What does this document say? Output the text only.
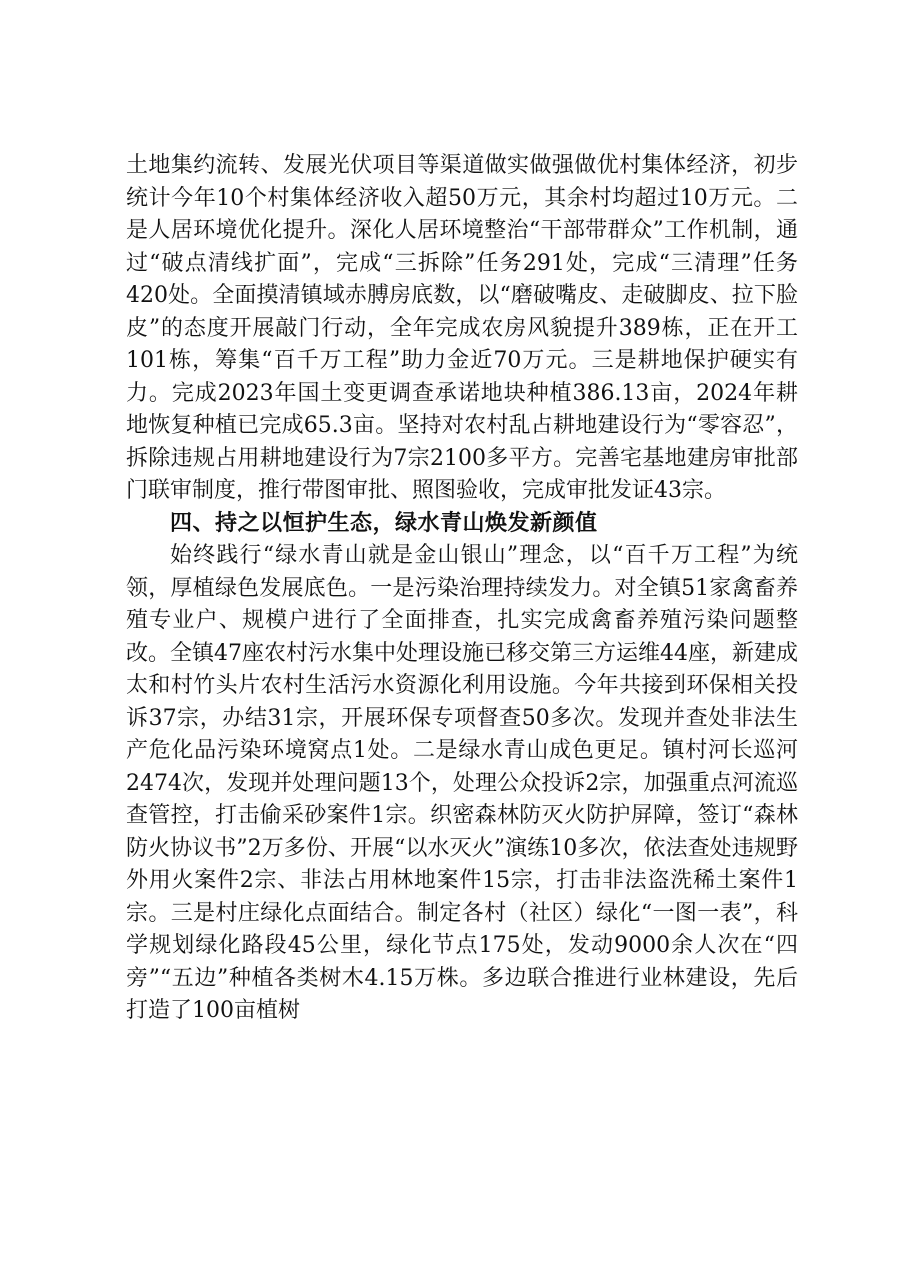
土地集约流转、发展光伏项目等渠道做实做强做优村集体经济，初步统计今年10个村集体经济收入超50万元，其余村均超过10万元。二是人居环境优化提升。深化人居环境整治“干部带群众”工作机制，通过“破点清线扩面”，完成“三拆除”任务291处，完成“三清理”任务420处。全面摸清镇域赤膊房底数，以“磨破嘴皮、走破脚皮、拉下脸皮”的态度开展敲门行动，全年完成农房风貌提升389栋，正在开工101栋，筹集“百千万工程”助力金近70万元。三是耕地保护硬实有力。完成2023年国土变更调查承诺地块种植386.13亩，2024年耕地恢复种植已完成65.3亩。坚持对农村乱占耕地建设行为“零容忍”，拆除违规占用耕地建设行为7宗2100多平方。完善宅基地建房审批部门联审制度，推行带图审批、照图验收，完成审批发证43宗。

四、持之以恒护生态，绿水青山焕发新颜值

始终践行“绿水青山就是金山银山”理念，以“百千万工程”为统领，厚植绿色发展底色。一是污染治理持续发力。对全镇51家禽畜养殖专业户、规模户进行了全面排查，扎实完成禽畜养殖污染问题整改。全镇47座农村污水集中处理设施已移交第三方运维44座，新建成太和村竹头片农村生活污水资源化利用设施。今年共接到环保相关投诉37宗，办结31宗，开展环保专项督查50多次。发现并查处非法生产危化品污染环境窝点1处。二是绿水青山成色更足。镇村河长巡河2474次，发现并处理问题13个，处理公众投诉2宗，加强重点河流巡查管控，打击偷采砂案件1宗。织密森林防灭火防护屏障，签订“森林防火协议书”2万多份、开展“以水灭火”演练10多次，依法查处违规野外用火案件2宗、非法占用林地案件15宗，打击非法盗洗稀土案件1宗。三是村庄绿化点面结合。制定各村（社区）绿化“一图一表”，科学规划绿化路段45公里，绿化节点175处，发动9000余人次在“四旁”“五边”种植各类树木4.15万株。多边联合推进行业林建设，先后打造了100亩植树
